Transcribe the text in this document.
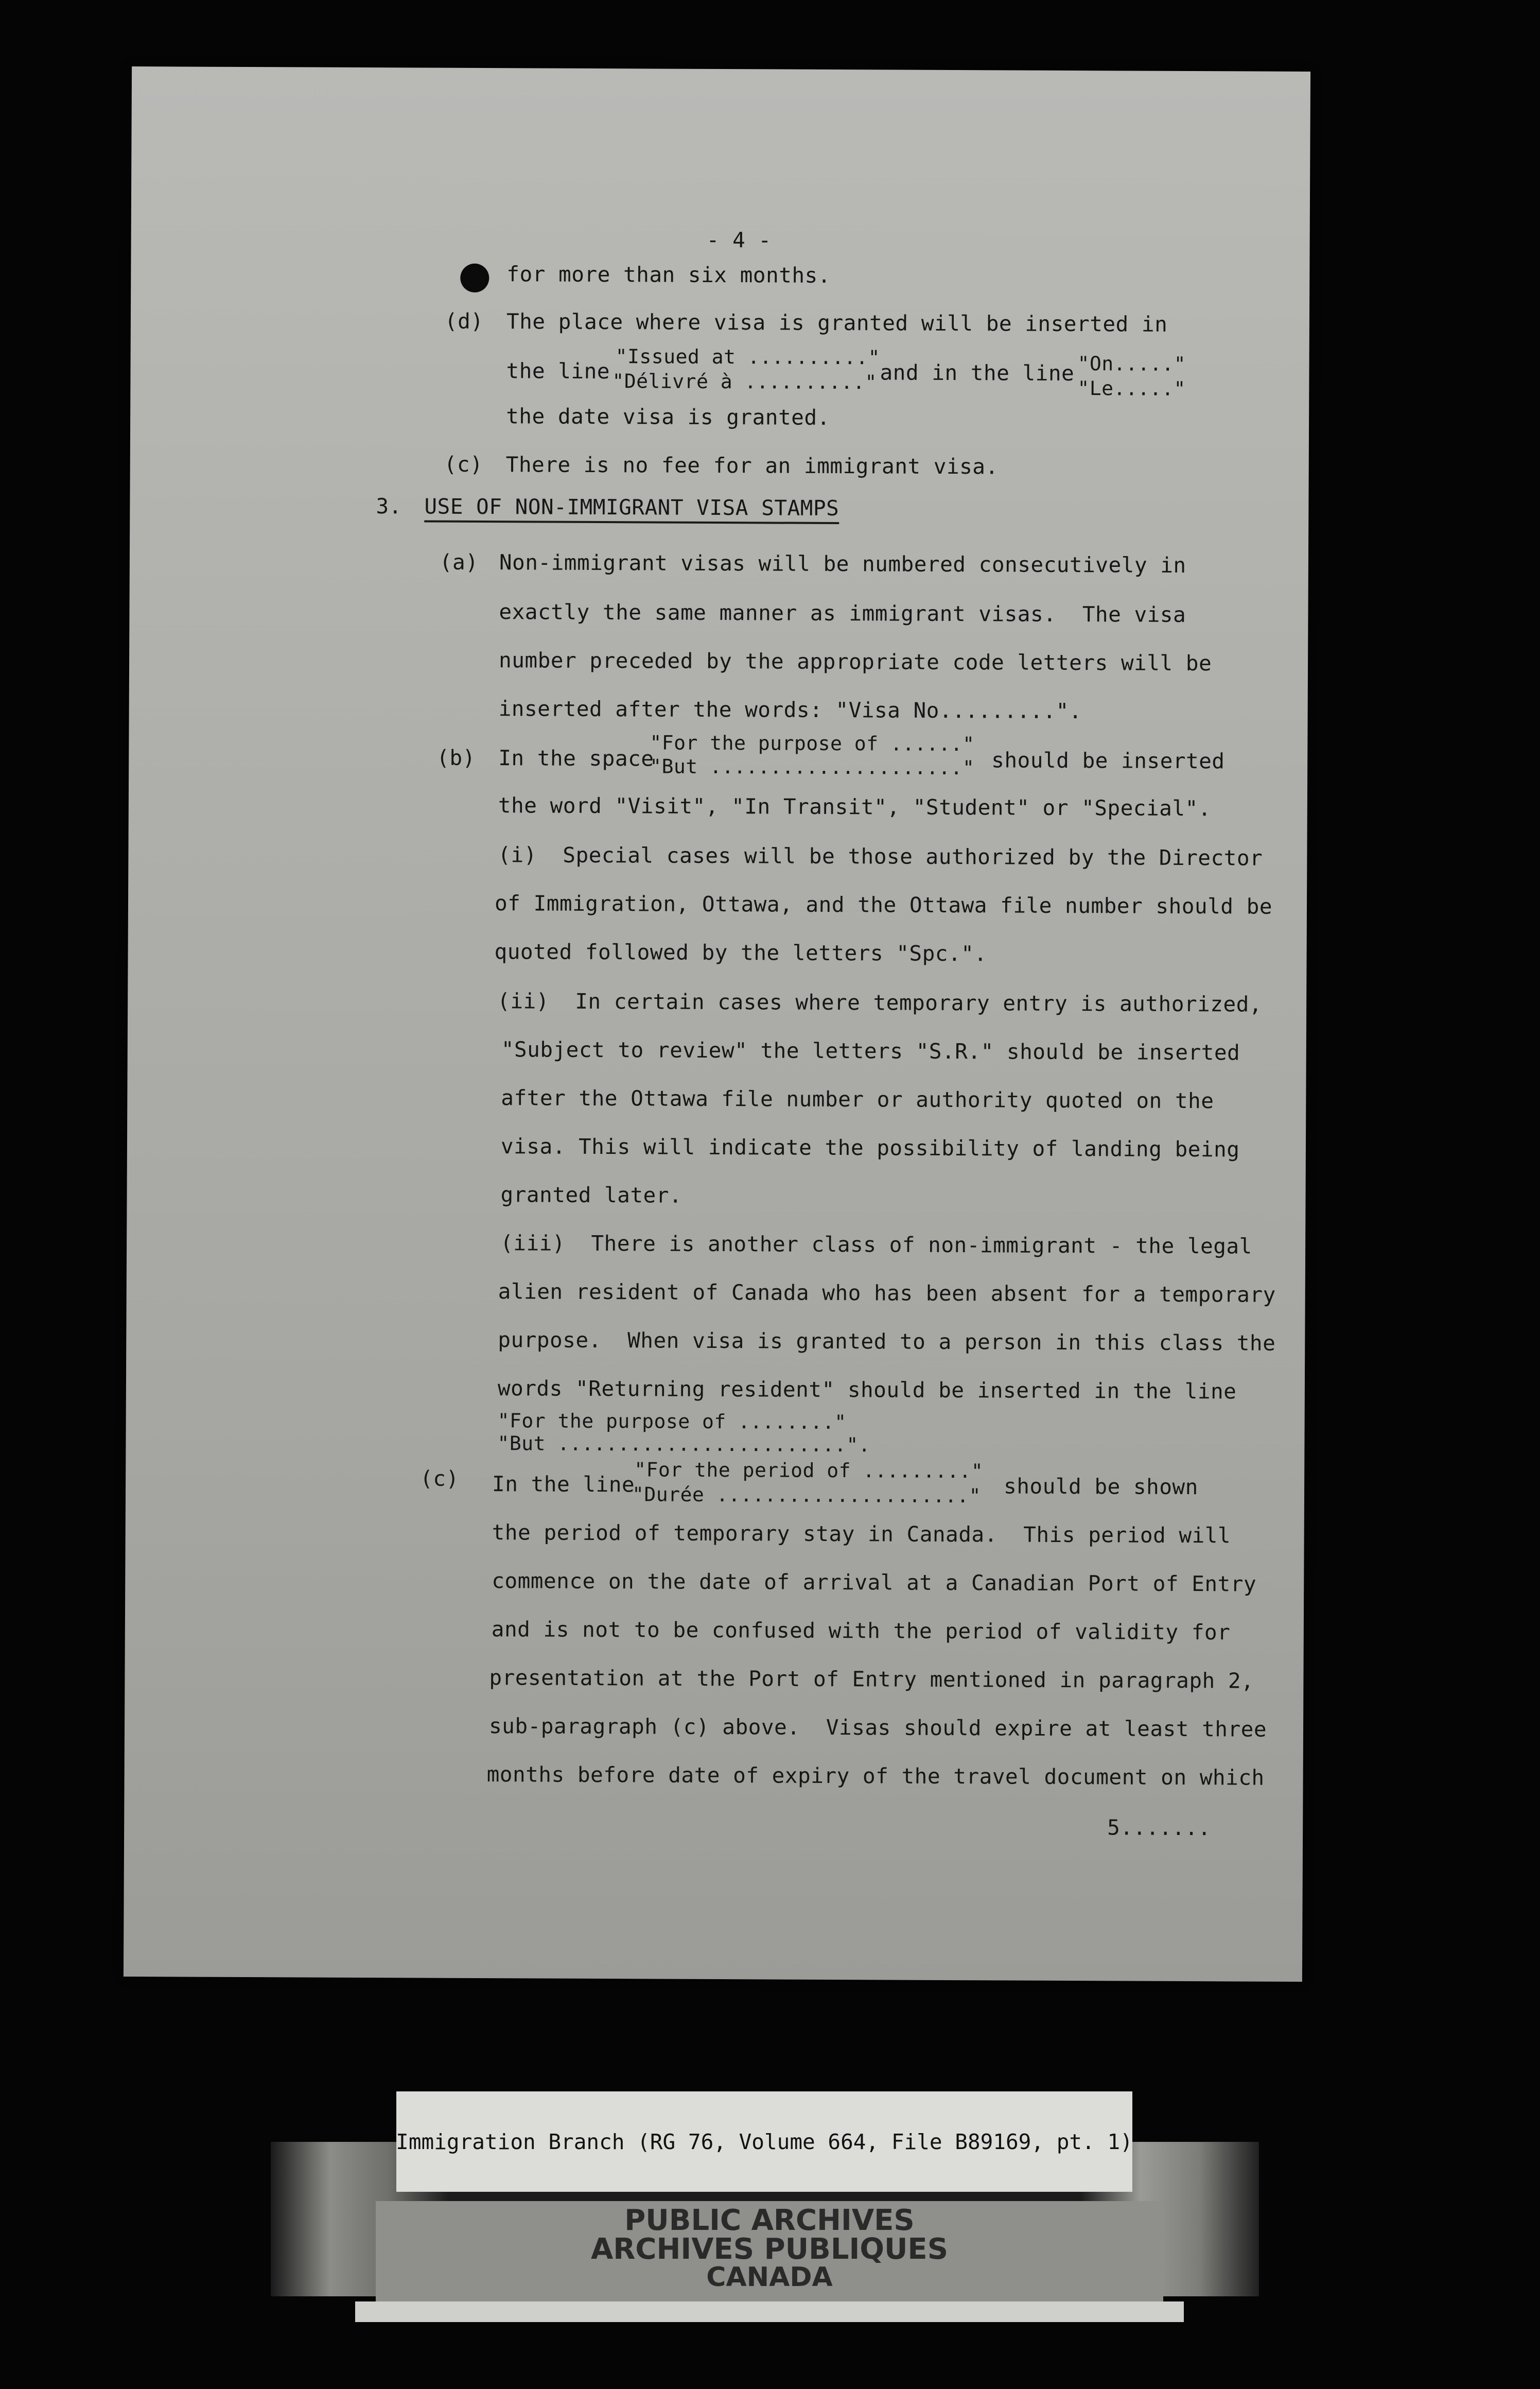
- 4 -
for more than six months.
(d) The place where visa is granted will be inserted in
the line
"Issued at .........."
"Délivré à .........." and in the line "On....."
"Le....."
the date visa is granted.
(c) There is no fee for an immigrant visa.
3. USE OF NON-IMMIGRANT VISA STAMPS
(a) Non-immigrant visas will be numbered consecutively in
exactly the same manner as immigrant visas.  The visa
number preceded by the appropriate code letters will be
inserted after the words: "Visa No.........".
(b) In the space
"For the purpose of ......"
"But ....................." should be inserted
the word "Visit", "In Transit", "Student" or "Special".
(i)  Special cases will be those authorized by the Director
of Immigration, Ottawa, and the Ottawa file number should be
quoted followed by the letters "Spc.".
(ii)  In certain cases where temporary entry is authorized,
"Subject to review" the letters "S.R." should be inserted
after the Ottawa file number or authority quoted on the
visa. This will indicate the possibility of landing being
granted later.
(iii)  There is another class of non-immigrant - the legal
alien resident of Canada who has been absent for a temporary
purpose.  When visa is granted to a person in this class the
words "Returning resident" should be inserted in the line
"For the purpose of ........"
"But ........................".
(c) In the line
"For the period of ........."
"Durée ....................." should be shown
the period of temporary stay in Canada.  This period will
commence on the date of arrival at a Canadian Port of Entry
and is not to be confused with the period of validity for
presentation at the Port of Entry mentioned in paragraph 2,
sub-paragraph (c) above.  Visas should expire at least three
months before date of expiry of the travel document on which
5.......
Immigration Branch (RG 76, Volume 664, File B89169, pt. 1)
PUBLIC ARCHIVES
ARCHIVES PUBLIQUES
CANADA
